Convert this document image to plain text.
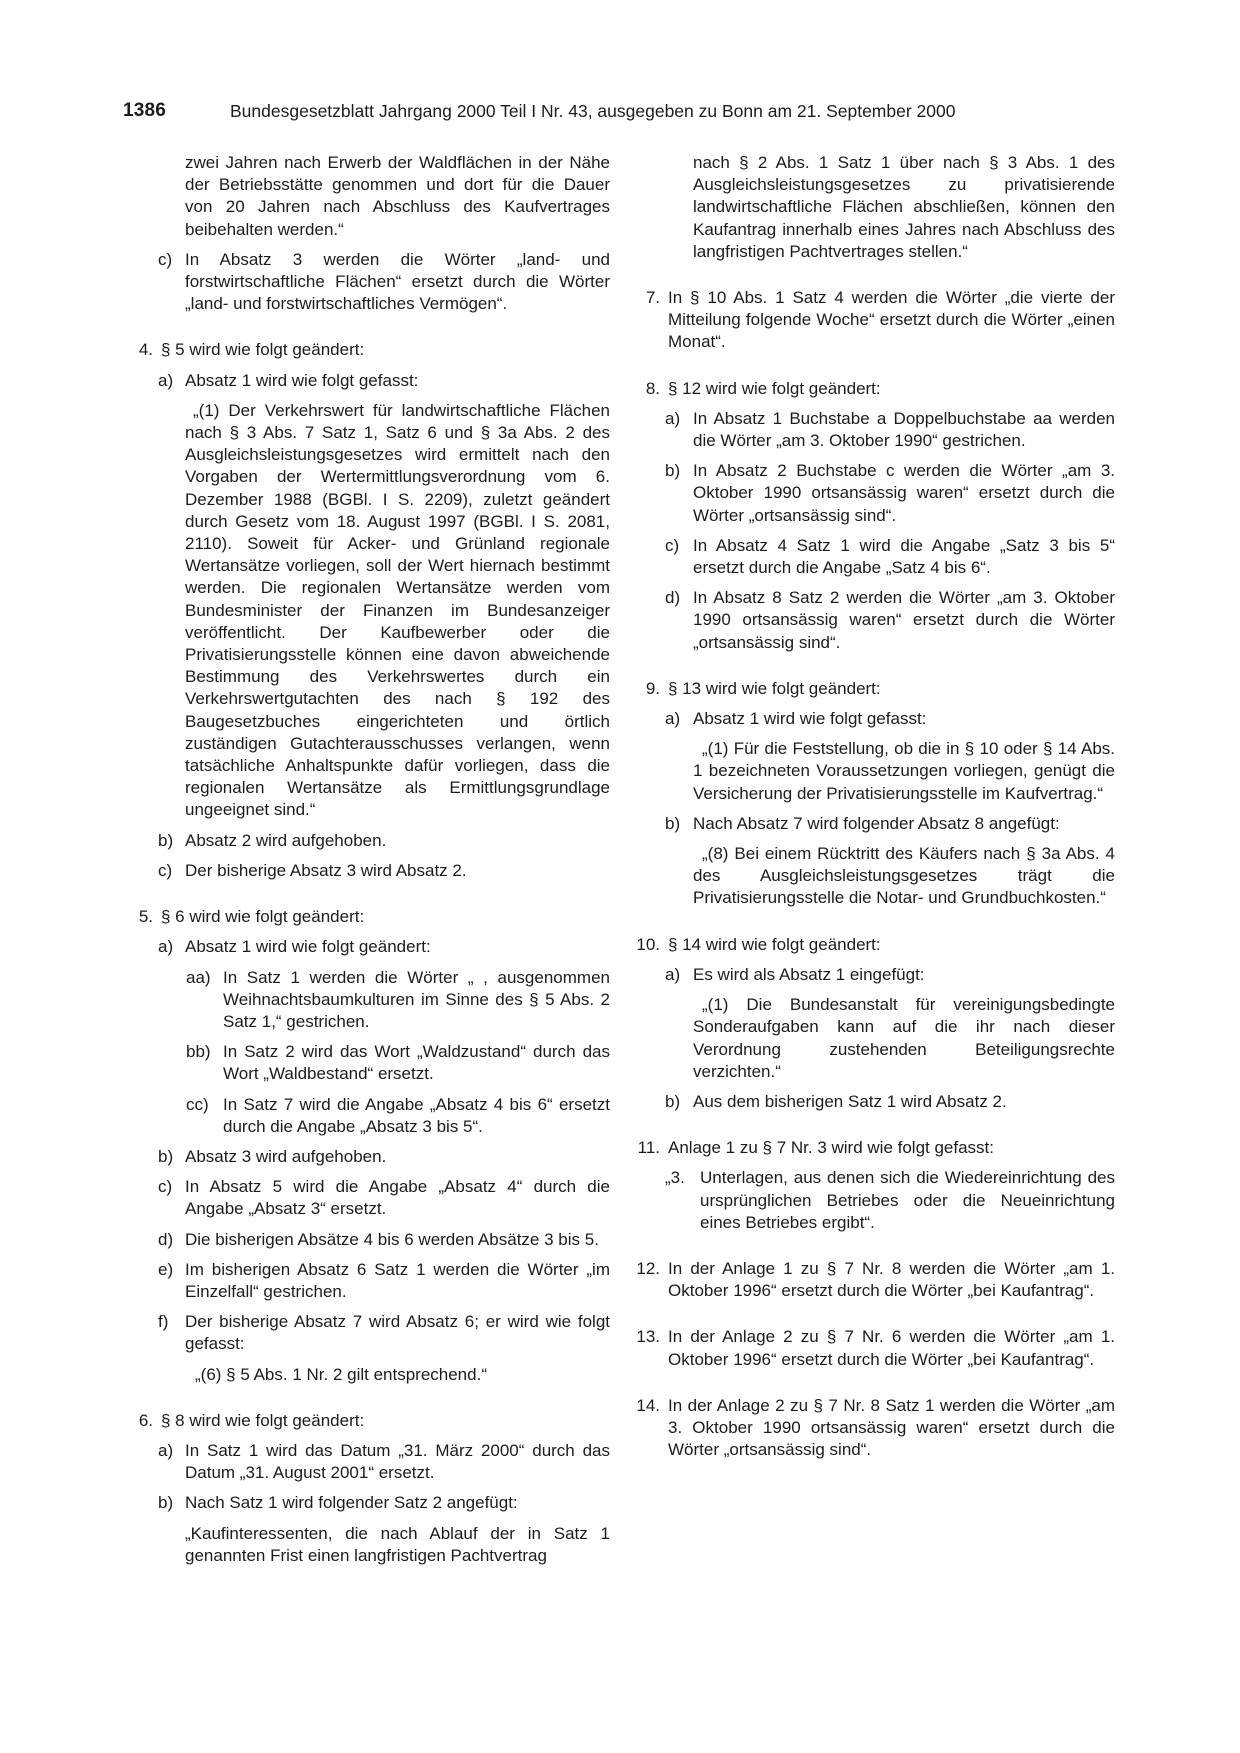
1386	Bundesgesetzblatt Jahrgang 2000 Teil I Nr. 43, ausgegeben zu Bonn am 21. September 2000

zwei Jahren nach Erwerb der Waldflächen in der Nähe der Betriebsstätte genommen und dort für die Dauer von 20 Jahren nach Abschluss des Kaufvertrages beibehalten werden.“

c) In Absatz 3 werden die Wörter „land- und forstwirtschaftliche Flächen“ ersetzt durch die Wörter „land- und forstwirtschaftliches Vermögen“.
4. § 5 wird wie folgt geändert:
a) Absatz 1 wird wie folgt gefasst:

„(1) Der Verkehrswert für landwirtschaftliche Flächen nach § 3 Abs. 7 Satz 1, Satz 6 und § 3a Abs. 2 des Ausgleichsleistungsgesetzes wird ermittelt nach den Vorgaben der Wertermittlungsverordnung vom 6. Dezember 1988 (BGBl. I S. 2209), zuletzt geändert durch Gesetz vom 18. August 1997 (BGBl. I S. 2081, 2110). Soweit für Acker- und Grünland regionale Wertansätze vorliegen, soll der Wert hiernach bestimmt werden. Die regionalen Wertansätze werden vom Bundesminister der Finanzen im Bundesanzeiger veröffentlicht. Der Kaufbewerber oder die Privatisierungsstelle können eine davon abweichende Bestimmung des Verkehrswertes durch ein Verkehrswertgutachten des nach § 192 des Baugesetzbuches eingerichteten und örtlich zuständigen Gutachterausschusses verlangen, wenn tatsächliche Anhaltspunkte dafür vorliegen, dass die regionalen Wertansätze als Ermittlungsgrundlage ungeeignet sind.“

b) Absatz 2 wird aufgehoben.
c) Der bisherige Absatz 3 wird Absatz 2.
5. § 6 wird wie folgt geändert:
a) Absatz 1 wird wie folgt geändert:
aa) In Satz 1 werden die Wörter „ , ausgenommen Weihnachtsbaumkulturen im Sinne des § 5 Abs. 2 Satz 1,“ gestrichen.
bb) In Satz 2 wird das Wort „Waldzustand“ durch das Wort „Waldbestand“ ersetzt.
cc) In Satz 7 wird die Angabe „Absatz 4 bis 6“ ersetzt durch die Angabe „Absatz 3 bis 5“.
b) Absatz 3 wird aufgehoben.
c) In Absatz 5 wird die Angabe „Absatz 4“ durch die Angabe „Absatz 3“ ersetzt.
d) Die bisherigen Absätze 4 bis 6 werden Absätze 3 bis 5.
e) Im bisherigen Absatz 6 Satz 1 werden die Wörter „im Einzelfall“ gestrichen.
f) Der bisherige Absatz 7 wird Absatz 6; er wird wie folgt gefasst:

„(6) § 5 Abs. 1 Nr. 2 gilt entsprechend.“

6. § 8 wird wie folgt geändert:
a) In Satz 1 wird das Datum „31. März 2000“ durch das Datum „31. August 2001“ ersetzt.
b) Nach Satz 1 wird folgender Satz 2 angefügt:

„Kaufinteressenten, die nach Ablauf der in Satz 1 genannten Frist einen langfristigen Pachtvertrag

nach § 2 Abs. 1 Satz 1 über nach § 3 Abs. 1 des Ausgleichsleistungsgesetzes zu privatisierende landwirtschaftliche Flächen abschließen, können den Kaufantrag innerhalb eines Jahres nach Abschluss des langfristigen Pachtvertrages stellen.“

7. In § 10 Abs. 1 Satz 4 werden die Wörter „die vierte der Mitteilung folgende Woche“ ersetzt durch die Wörter „einen Monat“.
8. § 12 wird wie folgt geändert:
a) In Absatz 1 Buchstabe a Doppelbuchstabe aa werden die Wörter „am 3. Oktober 1990“ gestrichen.
b) In Absatz 2 Buchstabe c werden die Wörter „am 3. Oktober 1990 ortsansässig waren“ ersetzt durch die Wörter „ortsansässig sind“.
c) In Absatz 4 Satz 1 wird die Angabe „Satz 3 bis 5“ ersetzt durch die Angabe „Satz 4 bis 6“.
d) In Absatz 8 Satz 2 werden die Wörter „am 3. Oktober 1990 ortsansässig waren“ ersetzt durch die Wörter „ortsansässig sind“.
9. § 13 wird wie folgt geändert:
a) Absatz 1 wird wie folgt gefasst:

„(1) Für die Feststellung, ob die in § 10 oder § 14 Abs. 1 bezeichneten Voraussetzungen vorliegen, genügt die Versicherung der Privatisierungsstelle im Kaufvertrag.“

b) Nach Absatz 7 wird folgender Absatz 8 angefügt:

„(8) Bei einem Rücktritt des Käufers nach § 3a Abs. 4 des Ausgleichsleistungsgesetzes trägt die Privatisierungsstelle die Notar- und Grundbuchkosten.“

10. § 14 wird wie folgt geändert:
a) Es wird als Absatz 1 eingefügt:

„(1) Die Bundesanstalt für vereinigungsbedingte Sonderaufgaben kann auf die ihr nach dieser Verordnung zustehenden Beteiligungsrechte verzichten.“

b) Aus dem bisherigen Satz 1 wird Absatz 2.
11. Anlage 1 zu § 7 Nr. 3 wird wie folgt gefasst:
„3. Unterlagen, aus denen sich die Wiedereinrichtung des ursprünglichen Betriebes oder die Neueinrichtung eines Betriebes ergibt“.
12. In der Anlage 1 zu § 7 Nr. 8 werden die Wörter „am 1. Oktober 1996“ ersetzt durch die Wörter „bei Kaufantrag“.
13. In der Anlage 2 zu § 7 Nr. 6 werden die Wörter „am 1. Oktober 1996“ ersetzt durch die Wörter „bei Kaufantrag“.
14. In der Anlage 2 zu § 7 Nr. 8 Satz 1 werden die Wörter „am 3. Oktober 1990 ortsansässig waren“ ersetzt durch die Wörter „ortsansässig sind“.
